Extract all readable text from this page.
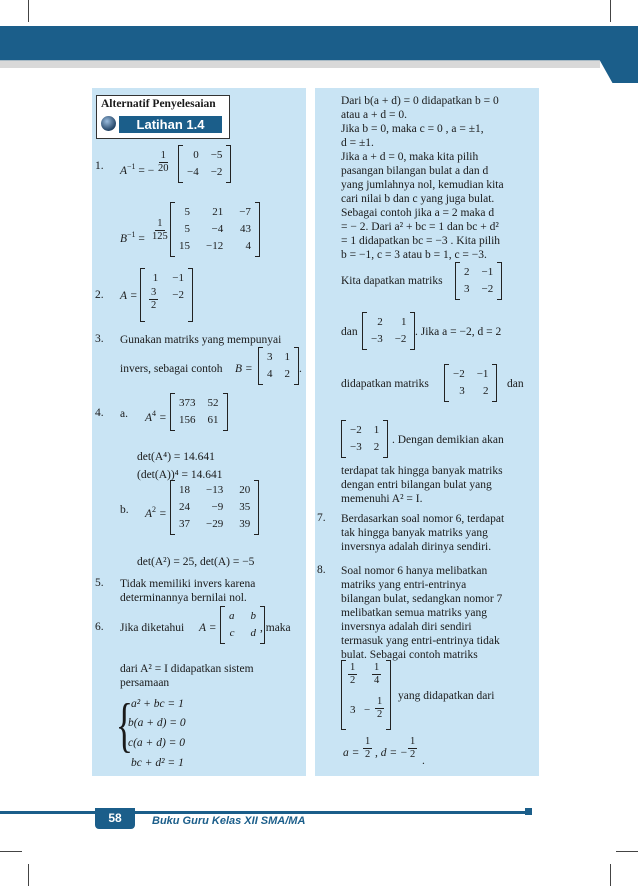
Alternatif Penyelesaian
Latihan 1.4
1. $A^{-1}$ = − $\frac{1}{20}$	0 −5
−4 −2
$B^{-1} = \frac{1}{125}$
5	21 −7
5	−4 43
15 −12	4
2. A =
1 −1
$\frac{3}{2} -2$
3. Gunakan matriks yang mempunyai
invers, sebagai contoh B =
3 1
4 2 .
4. a. $A^4$ =
373 52
156 61
det(A⁴) = 14.641
(det(A))⁴ = 14.641
b. $A^2$ =
18 −13 20
24	−9 35
37 −29 39
det(A²) = 25, det(A) = −5
5. Tidak memiliki invers karena
determinannya bernilai nol.
6. Jika diketahui A =
a b
c d , maka
dari A² = I didapatkan sistem
persamaan
{
a² + bc = 1
b(a + d) = 0
c(a + d) = 0
bc + d² = 1
Dari b(a + d) = 0 didapatkan b = 0
atau a + d = 0.
Jika b = 0, maka c = 0 , a = ±1,
d = ±1.
Jika a + d = 0, maka kita pilih
pasangan bilangan bulat a dan d
yang jumlahnya nol, kemudian kita
cari nilai b dan c yang juga bulat.
Sebagai contoh jika a = 2 maka d
= − 2. Dari a² + bc = 1 dan bc + d²
= 1 didapatkan bc = −3 . Kita pilih
b = −1, c = 3 atau b = 1, c = −3.
Kita dapatkan matriks
2 −1
3 −2
dan
2	1
−3 −2
. Jika a = −2, d = 2
didapatkan matriks
−2 −1
3	2
dan
−2 1
−3 2
. Dengan demikian akan
terdapat tak hingga banyak matriks
dengan entri bilangan bulat yang
memenuhi A² = I.
7. Berdasarkan soal nomor 6, terdapat
tak hingga banyak matriks yang
inversnya adalah dirinya sendiri.
8. Soal nomor 6 hanya melibatkan
matriks yang entri-entrinya
bilangan bulat, sedangkan nomor 7
melibatkan semua matriks yang
inversnya adalah diri sendiri
termasuk yang entri-entrinya tidak
bulat. Sebagai contoh matriks
$\frac{1}{2} \frac{1}{4}$
$3 - \frac{1}{2}$ yang didapatkan dari
$a = \frac{1}{2}$ , d = − $\frac{1}{2}$ .
58	Buku Guru Kelas XII SMA/MA
